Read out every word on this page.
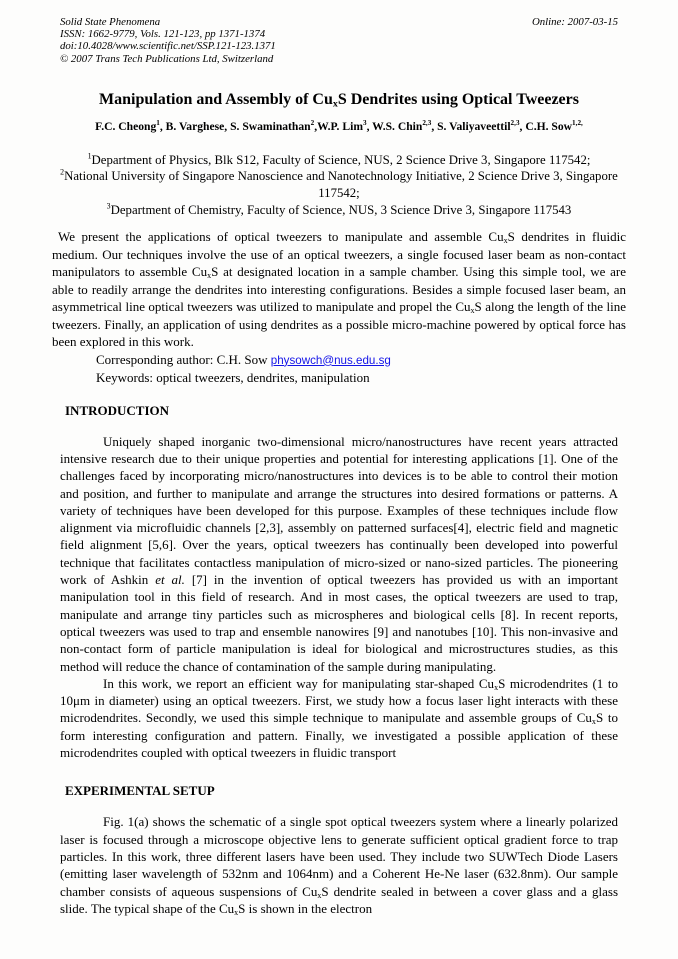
Solid State Phenomena
ISSN: 1662-9779, Vols. 121-123, pp 1371-1374
doi:10.4028/www.scientific.net/SSP.121-123.1371
© 2007 Trans Tech Publications Ltd, Switzerland
Online: 2007-03-15
Manipulation and Assembly of $Cu_xS$ Dendrites using Optical Tweezers
F.C. Cheong$^1$, B. Varghese, S. Swaminathan$^2$,W.P. Lim$^3$, W.S. Chin$^{2,3}$, S. Valiyaveettil$^{2,3}$, C.H. Sow$^{1,2,}$
$^1$Department of Physics, Blk S12, Faculty of Science, NUS, 2 Science Drive 3, Singapore 117542;
$^2$National University of Singapore Nanoscience and Nanotechnology Initiative, 2 Science Drive 3, Singapore 117542;
$^3$Department of Chemistry, Faculty of Science, NUS, 3 Science Drive 3, Singapore 117543

We present the applications of optical tweezers to manipulate and assemble $Cu_xS$ dendrites in fluidic medium. Our techniques involve the use of an optical tweezers, a single focused laser beam as non-contact manipulators to assemble $Cu_xS$ at designated location in a sample chamber. Using this simple tool, we are able to readily arrange the dendrites into interesting configurations. Besides a simple focused laser beam, an asymmetrical line optical tweezers was utilized to manipulate and propel the $Cu_xS$ along the length of the line tweezers. Finally, an application of using dendrites as a possible micro-machine powered by optical force has been explored in this work.

Corresponding author: C.H. Sow physowch@nus.edu.sg
Keywords: optical tweezers, dendrites, manipulation
INTRODUCTION

Uniquely shaped inorganic two-dimensional micro/nanostructures have recent years attracted intensive research due to their unique properties and potential for interesting applications [1]. One of the challenges faced by incorporating micro/nanostructures into devices is to be able to control their motion and position, and further to manipulate and arrange the structures into desired formations or patterns. A variety of techniques have been developed for this purpose. Examples of these techniques include flow alignment via microfluidic channels [2,3], assembly on patterned surfaces[4], electric field and magnetic field alignment [5,6]. Over the years, optical tweezers has continually been developed into powerful technique that facilitates contactless manipulation of micro-sized or nano-sized particles. The pioneering work of Ashkin et al. [7] in the invention of optical tweezers has provided us with an important manipulation tool in this field of research. And in most cases, the optical tweezers are used to trap, manipulate and arrange tiny particles such as microspheres and biological cells [8]. In recent reports, optical tweezers was used to trap and ensemble nanowires [9] and nanotubes [10]. This non-invasive and non-contact form of particle manipulation is ideal for biological and microstructures studies, as this method will reduce the chance of contamination of the sample during manipulating.

In this work, we report an efficient way for manipulating star-shaped $Cu_xS$ microdendrites (1 to 10μm in diameter) using an optical tweezers. First, we study how a focus laser light interacts with these microdendrites. Secondly, we used this simple technique to manipulate and assemble groups of $Cu_xS$ to form interesting configuration and pattern. Finally, we investigated a possible application of these microdendrites coupled with optical tweezers in fluidic transport

EXPERIMENTAL SETUP

Fig. 1(a) shows the schematic of a single spot optical tweezers system where a linearly polarized laser is focused through a microscope objective lens to generate sufficient optical gradient force to trap particles. In this work, three different lasers have been used. They include two SUWTech Diode Lasers (emitting laser wavelength of 532nm and 1064nm) and a Coherent He-Ne laser (632.8nm). Our sample chamber consists of aqueous suspensions of $Cu_xS$ dendrite sealed in between a cover glass and a glass slide. The typical shape of the $Cu_xS$ is shown in the electron
